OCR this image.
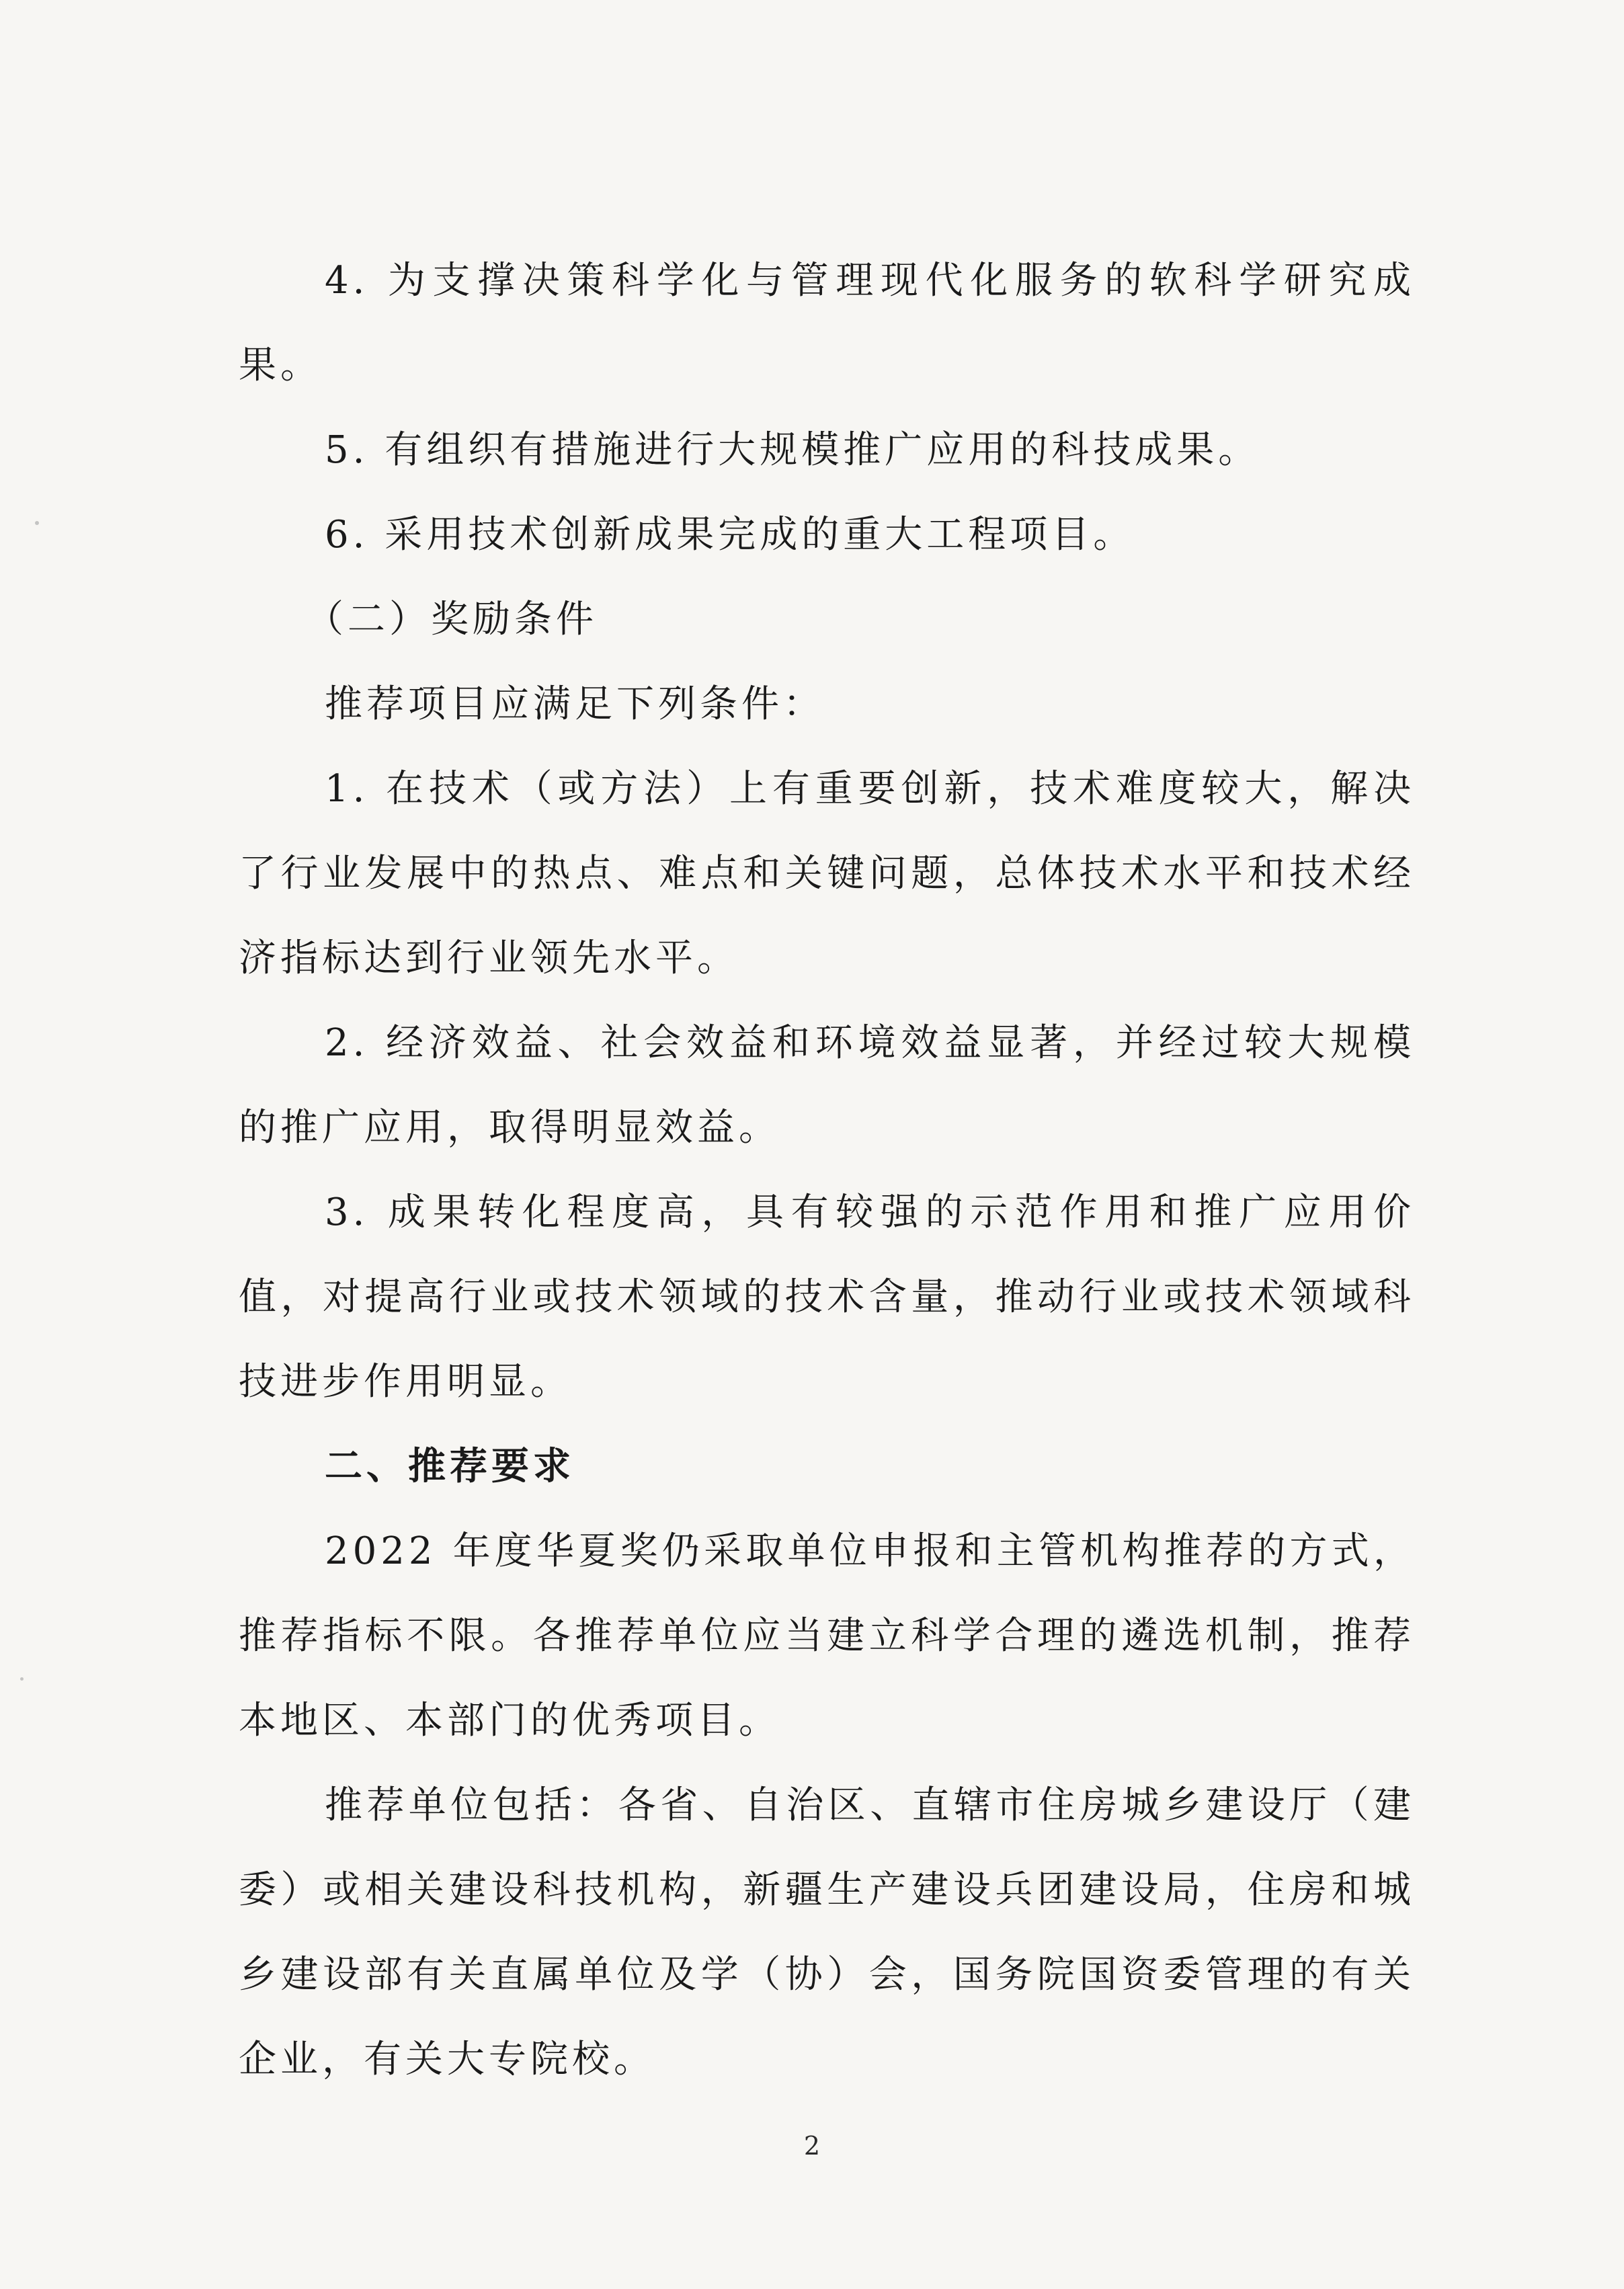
4. 为支撑决策科学化与管理现代化服务的软科学研究成果。

5. 有组织有措施进行大规模推广应用的科技成果。

6. 采用技术创新成果完成的重大工程项目。

（二）奖励条件

推荐项目应满足下列条件：

1. 在技术（或方法）上有重要创新，技术难度较大，解决了行业发展中的热点、难点和关键问题，总体技术水平和技术经济指标达到行业领先水平。

2. 经济效益、社会效益和环境效益显著，并经过较大规模的推广应用，取得明显效益。

3. 成果转化程度高，具有较强的示范作用和推广应用价值，对提高行业或技术领域的技术含量，推动行业或技术领域科技进步作用明显。

二、推荐要求

2022 年度华夏奖仍采取单位申报和主管机构推荐的方式，推荐指标不限。各推荐单位应当建立科学合理的遴选机制，推荐本地区、本部门的优秀项目。

推荐单位包括：各省、自治区、直辖市住房城乡建设厅（建委）或相关建设科技机构，新疆生产建设兵团建设局，住房和城乡建设部有关直属单位及学（协）会，国务院国资委管理的有关企业，有关大专院校。

2
